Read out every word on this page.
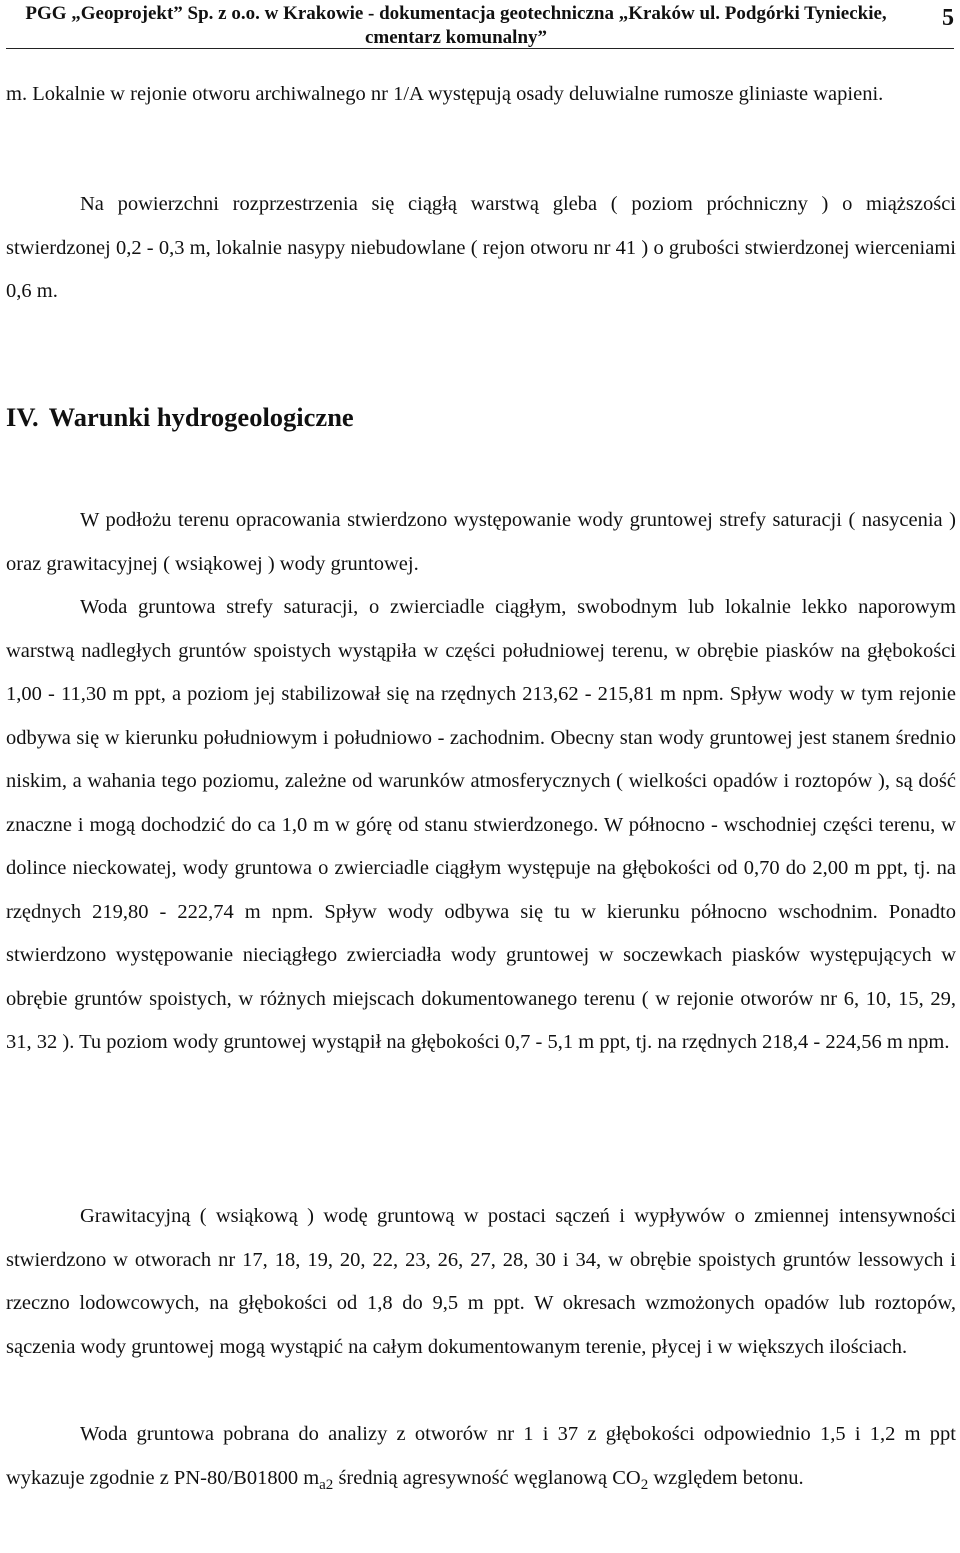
PGG „Geoprojekt” Sp. z o.o. w Krakowie - dokumentacja geotechniczna „Kraków ul. Podgórki Tynieckie,
cmentarz komunalny”
5

m. Lokalnie w rejonie otworu archiwalnego nr 1/A występują osady deluwialne rumosze gliniaste wapieni.

Na powierzchni rozprzestrzenia się ciągłą warstwą gleba ( poziom próchniczny ) o miąższości stwierdzonej 0,2 - 0,3 m, lokalnie nasypy niebudowlane ( rejon otworu nr 41 ) o grubości stwierdzonej wierceniami 0,6 m.

IV. Warunki hydrogeologiczne

W podłożu terenu opracowania stwierdzono występowanie wody gruntowej strefy saturacji ( nasycenia ) oraz grawitacyjnej ( wsiąkowej ) wody gruntowej.

Woda gruntowa strefy saturacji, o zwierciadle ciągłym, swobodnym lub lokalnie lekko naporowym warstwą nadległych gruntów spoistych wystąpiła w części południowej terenu, w obrębie piasków na głębokości 1,00 - 11,30 m ppt, a poziom jej stabilizował się na rzędnych 213,62 - 215,81 m npm. Spływ wody w tym rejonie odbywa się w kierunku południowym i południowo - zachodnim. Obecny stan wody gruntowej jest stanem średnio niskim, a wahania tego poziomu, zależne od warunków atmosferycznych ( wielkości opadów i roztopów ), są dość znaczne i mogą dochodzić do ca 1,0 m w górę od stanu stwierdzonego. W północno - wschodniej części terenu, w dolince nieckowatej, wody gruntowa o zwierciadle ciągłym występuje na głębokości od 0,70 do 2,00 m ppt, tj. na rzędnych 219,80 - 222,74 m npm. Spływ wody odbywa się tu w kierunku północno wschodnim. Ponadto stwierdzono występowanie nieciągłego zwierciadła wody gruntowej w soczewkach piasków występujących w obrębie gruntów spoistych, w różnych miejscach dokumentowanego terenu ( w rejonie otworów nr 6, 10, 15, 29, 31, 32 ). Tu poziom wody gruntowej wystąpił na głębokości 0,7 - 5,1 m ppt, tj. na rzędnych 218,4 - 224,56 m npm.

Grawitacyjną ( wsiąkową ) wodę gruntową w postaci sączeń i wypływów o zmiennej intensywności stwierdzono w otworach nr 17, 18, 19, 20, 22, 23, 26, 27, 28, 30 i 34, w obrębie spoistych gruntów lessowych i rzeczno lodowcowych, na głębokości od 1,8 do 9,5 m ppt. W okresach wzmożonych opadów lub roztopów, sączenia wody gruntowej mogą wystąpić na całym dokumentowanym terenie, płycej i w większych ilościach.

Woda gruntowa pobrana do analizy z otworów nr 1 i 37 z głębokości odpowiednio 1,5 i 1,2 m ppt wykazuje zgodnie z PN-80/B01800 $m_{a2}$ średnią agresywność węglanową $CO_2$ względem betonu.
